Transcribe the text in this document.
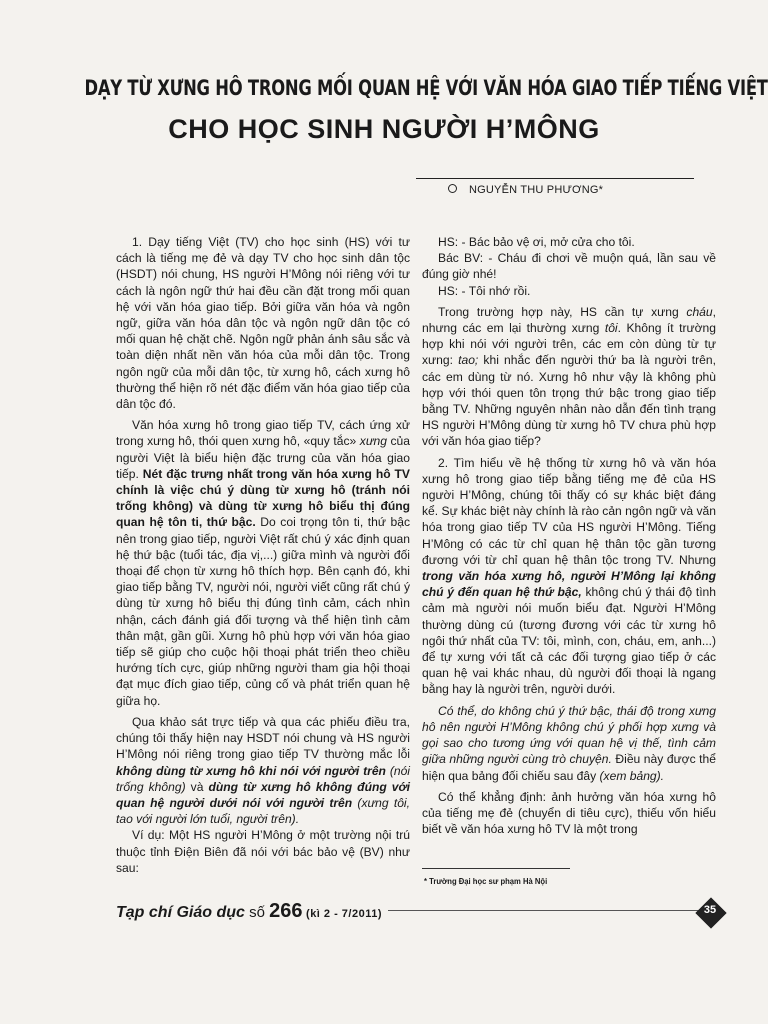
DẠY TỪ XƯNG HÔ TRONG MỐI QUAN HỆ VỚI VĂN HÓA GIAO TIẾP TIẾNG VIỆT
CHO HỌC SINH NGƯỜI H’MÔNG
NGUYỄN THU PHƯƠNG*

1. Dạy tiếng Việt (TV) cho học sinh (HS) với tư cách là tiếng mẹ đẻ và dạy TV cho học sinh dân tộc (HSDT) nói chung, HS người H’Mông nói riêng với tư cách là ngôn ngữ thứ hai đều cần đặt trong mối quan hệ với văn hóa giao tiếp. Bởi giữa văn hóa và ngôn ngữ, giữa văn hóa dân tộc và ngôn ngữ dân tộc có mối quan hệ chặt chẽ. Ngôn ngữ phản ánh sâu sắc và toàn diện nhất nền văn hóa của mỗi dân tộc. Trong ngôn ngữ của mỗi dân tộc, từ xưng hô, cách xưng hô thường thể hiện rõ nét đặc điểm văn hóa giao tiếp của dân tộc đó.

Văn hóa xưng hô trong giao tiếp TV, cách ứng xử trong xưng hô, thói quen xưng hô, «quy tắc» xưng của người Việt là biểu hiện đặc trưng của văn hóa giao tiếp. Nét đặc trưng nhất trong văn hóa xưng hô TV chính là việc chú ý dùng từ xưng hô (tránh nói trống không) và dùng từ xưng hô biểu thị đúng quan hệ tôn ti, thứ bậc. Do coi trọng tôn ti, thứ bậc nên trong giao tiếp, người Việt rất chú ý xác định quan hệ thứ bậc (tuổi tác, địa vị,...) giữa mình và người đối thoại để chọn từ xưng hô thích hợp. Bên cạnh đó, khi giao tiếp bằng TV, người nói, người viết cũng rất chú ý dùng từ xưng hô biểu thị đúng tình cảm, cách nhìn nhận, cách đánh giá đối tượng và thể hiện tình cảm thân mật, gần gũi. Xưng hô phù hợp với văn hóa giao tiếp sẽ giúp cho cuộc hội thoại phát triển theo chiều hướng tích cực, giúp những người tham gia hội thoại đạt mục đích giao tiếp, củng cố và phát triển quan hệ giữa họ.

Qua khảo sát trực tiếp và qua các phiếu điều tra, chúng tôi thấy hiện nay HSDT nói chung và HS người H’Mông nói riêng trong giao tiếp TV thường mắc lỗi không dùng từ xưng hô khi nói với người trên (nói trống không) và dùng từ xưng hô không đúng với quan hệ người dưới nói với người trên (xưng tôi, tao với người lớn tuổi, người trên).

Ví dụ: Một HS người H’Mông ở một trường nội trú thuộc tỉnh Điện Biên đã nói với bác bảo vệ (BV) như sau:

HS: - Bác bảo vệ ơi, mở cửa cho tôi.

Bác BV: - Cháu đi chơi về muộn quá, lần sau về đúng giờ nhé!

HS: - Tôi nhớ rồi.

Trong trường hợp này, HS cần tự xưng cháu, nhưng các em lại thường xưng tôi. Không ít trường hợp khi nói với người trên, các em còn dùng từ tự xưng: tao; khi nhắc đến người thứ ba là người trên, các em dùng từ nó. Xưng hô như vậy là không phù hợp với thói quen tôn trọng thứ bậc trong giao tiếp bằng TV. Những nguyên nhân nào dẫn đến tình trạng HS người H’Mông dùng từ xưng hô TV chưa phù hợp với văn hóa giao tiếp?

2. Tìm hiểu về hệ thống từ xưng hô và văn hóa xưng hô trong giao tiếp bằng tiếng mẹ đẻ của HS người H’Mông, chúng tôi thấy có sự khác biệt đáng kể. Sự khác biệt này chính là rào cản ngôn ngữ và văn hóa trong giao tiếp TV của HS người H’Mông. Tiếng H’Mông có các từ chỉ quan hệ thân tộc gần tương đương với từ chỉ quan hệ thân tộc trong TV. Nhưng trong văn hóa xưng hô, người H’Mông lại không chú ý đến quan hệ thứ bậc, không chú ý thái độ tình cảm mà người nói muốn biểu đạt. Người H’Mông thường dùng cú (tương đương với các từ xưng hô ngôi thứ nhất của TV: tôi, mình, con, cháu, em, anh...) để tự xưng với tất cả các đối tượng giao tiếp ở các quan hệ vai khác nhau, dù người đối thoại là ngang bằng hay là người trên, người dưới.

Có thể, do không chú ý thứ bậc, thái độ trong xưng hô nên người H’Mông không chú ý phối hợp xưng và gọi sao cho tương ứng với quan hệ vị thế, tình cảm giữa những người cùng trò chuyện. Điều này được thể hiện qua bảng đối chiếu sau đây (xem bảng).

Có thể khẳng định: ảnh hưởng văn hóa xưng hô của tiếng mẹ đẻ (chuyển di tiêu cực), thiếu vốn hiểu biết về văn hóa xưng hô TV là một trong

* Trường Đại học sư phạm Hà Nội
Tạp chí Giáo dục số 266 (kì 2 - 7/2011)	35
